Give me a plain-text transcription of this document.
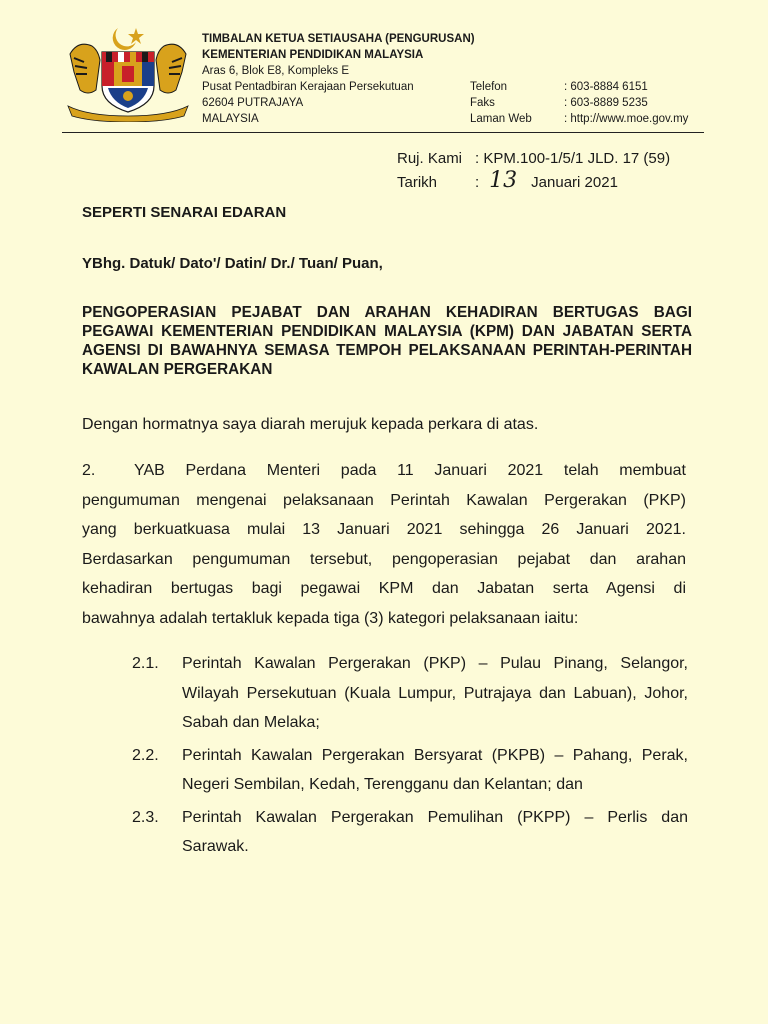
TIMBALAN KETUA SETIAUSAHA (PENGURUSAN)
KEMENTERIAN PENDIDIKAN MALAYSIA
Aras 6, Blok E8, Kompleks E
Pusat Pentadbiran Kerajaan Persekutuan
62604 PUTRAJAYA
MALAYSIA
Telefon	: 603-8884 6151
Faks	: 603-8889 5235
Laman Web	: http://www.moe.gov.my
Ruj. Kami : KPM.100-1/5/1 JLD. 17 (59)
Tarikh	: 13 Januari 2021
SEPERTI SENARAI EDARAN
YBhg. Datuk/ Dato'/ Datin/ Dr./ Tuan/ Puan,
PENGOPERASIAN PEJABAT DAN ARAHAN KEHADIRAN BERTUGAS BAGI PEGAWAI KEMENTERIAN PENDIDIKAN MALAYSIA (KPM) DAN JABATAN SERTA AGENSI DI BAWAHNYA SEMASA TEMPOH PELAKSANAAN PERINTAH-PERINTAH KAWALAN PERGERAKAN
Dengan hormatnya saya diarah merujuk kepada perkara di atas.
2. YAB Perdana Menteri pada 11 Januari 2021 telah membuat
pengumuman mengenai pelaksanaan Perintah Kawalan Pergerakan (PKP)
yang berkuatkuasa mulai 13 Januari 2021 sehingga 26 Januari 2021.
Berdasarkan pengumuman tersebut, pengoperasian pejabat dan arahan
kehadiran bertugas bagi pegawai KPM dan Jabatan serta Agensi di
bawahnya adalah tertakluk kepada tiga (3) kategori pelaksanaan iaitu:
2.1.	Perintah Kawalan Pergerakan (PKP) – Pulau Pinang, Selangor, Wilayah Persekutuan (Kuala Lumpur, Putrajaya dan Labuan), Johor, Sabah dan Melaka;
2.2.	Perintah Kawalan Pergerakan Bersyarat (PKPB) – Pahang, Perak, Negeri Sembilan, Kedah, Terengganu dan Kelantan; dan
2.3.	Perintah Kawalan Pergerakan Pemulihan (PKPP) – Perlis dan Sarawak.
